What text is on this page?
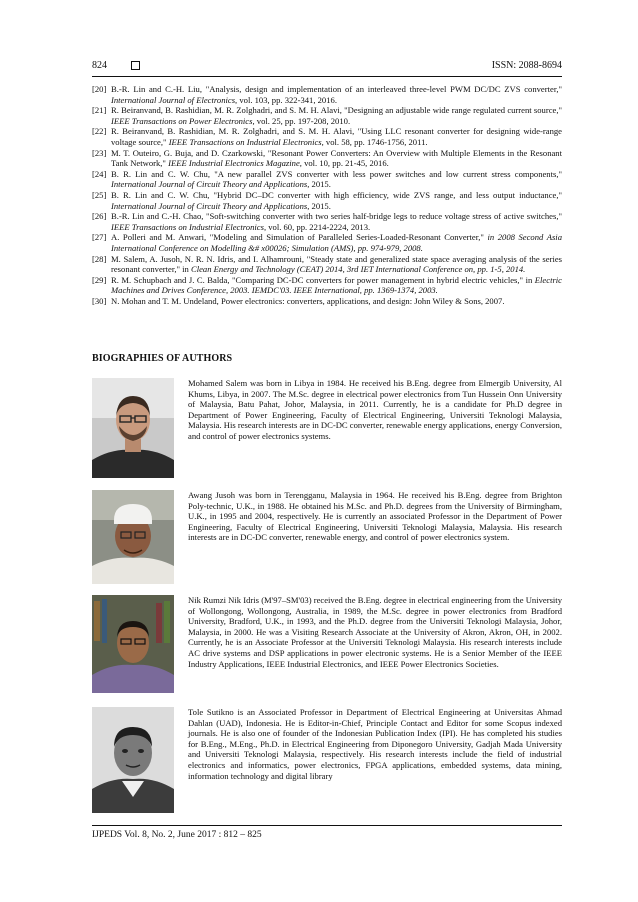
824	ISSN: 2088-8694

[20] B.-R. Lin and C.-H. Liu, "Analysis, design and implementation of an interleaved three-level PWM DC/DC ZVS converter," International Journal of Electronics, vol. 103, pp. 322-341, 2016.

[21] R. Beiranvand, B. Rashidian, M. R. Zolghadri, and S. M. H. Alavi, "Designing an adjustable wide range regulated current source," IEEE Transactions on Power Electronics, vol. 25, pp. 197-208, 2010.

[22] R. Beiranvand, B. Rashidian, M. R. Zolghadri, and S. M. H. Alavi, "Using LLC resonant converter for designing wide-range voltage source," IEEE Transactions on Industrial Electronics, vol. 58, pp. 1746-1756, 2011.

[23] M. T. Outeiro, G. Buja, and D. Czarkowski, "Resonant Power Converters: An Overview with Multiple Elements in the Resonant Tank Network," IEEE Industrial Electronics Magazine, vol. 10, pp. 21-45, 2016.

[24] B. R. Lin and C. W. Chu, "A new parallel ZVS converter with less power switches and low current stress components," International Journal of Circuit Theory and Applications, 2015.

[25] B. R. Lin and C. W. Chu, "Hybrid DC–DC converter with high efficiency, wide ZVS range, and less output inductance," International Journal of Circuit Theory and Applications, 2015.

[26] B.-R. Lin and C.-H. Chao, "Soft-switching converter with two series half-bridge legs to reduce voltage stress of active switches," IEEE Transactions on Industrial Electronics, vol. 60, pp. 2214-2224, 2013.

[27] A. Polleri and M. Anwari, "Modeling and Simulation of Paralleled Series-Loaded-Resonant Converter," in 2008 Second Asia International Conference on Modelling &# x00026; Simulation (AMS), pp. 974-979, 2008.

[28] M. Salem, A. Jusoh, N. R. N. Idris, and I. Alhamrouni, "Steady state and generalized state space averaging analysis of the series resonant converter," in Clean Energy and Technology (CEAT) 2014, 3rd IET International Conference on, pp. 1-5, 2014.

[29] R. M. Schupbach and J. C. Balda, "Comparing DC-DC converters for power management in hybrid electric vehicles," in Electric Machines and Drives Conference, 2003. IEMDC'03. IEEE International, pp. 1369-1374, 2003.

[30] N. Mohan and T. M. Undeland, Power electronics: converters, applications, and design: John Wiley & Sons, 2007.

BIOGRAPHIES OF AUTHORS
Mohamed Salem was born in Libya in 1984. He received his B.Eng. degree from Elmergib University, Al Khums, Libya, in 2007. The M.Sc. degree in electrical power electronics from Tun Hussein Onn University of Malaysia, Batu Pahat, Johor, Malaysia, in 2011. Currently, he is a candidate for Ph.D degree in Department of Power Engineering, Faculty of Electrical Engineering, Universiti Teknologi Malaysia, Malaysia. His research interests are in DC-DC converter, renewable energy applications, energy Conversion, and control of power electronics systems.
Awang Jusoh was born in Terengganu, Malaysia in 1964. He received his B.Eng. degree from Brighton Poly-technic, U.K., in 1988. He obtained his M.Sc. and Ph.D. degrees from the University of Birmingham, U.K., in 1995 and 2004, respectively. He is currently an associated Professor in the Department of Power Engineering, Faculty of Electrical Engineering, Universiti Teknologi Malaysia, Malaysia. His research interests are in DC-DC converter, renewable energy, and control of power electronics system.
Nik Rumzi Nik Idris (M'97–SM'03) received the B.Eng. degree in electrical engineering from the University of Wollongong, Wollongong, Australia, in 1989, the M.Sc. degree in power electronics from Bradford University, Bradford, U.K., in 1993, and the Ph.D. degree from the Universiti Teknologi Malaysia, Johor, Malaysia, in 2000. He was a Visiting Research Associate at the University of Akron, Akron, OH, in 2002. Currently, he is an Associate Professor at the Universiti Teknologi Malaysia. His research interests include AC drive systems and DSP applications in power electronic systems. He is a Senior Member of the IEEE Industry Applications, IEEE Industrial Electronics, and IEEE Power Electronics Societies.
Tole Sutikno is an Associated Professor in Department of Electrical Engineering at Universitas Ahmad Dahlan (UAD), Indonesia. He is Editor-in-Chief, Principle Contact and Editor for some Scopus indexed journals. He is also one of founder of the Indonesian Publication Index (IPI). He has completed his studies for B.Eng., M.Eng., Ph.D. in Electrical Engineering from Diponegoro University, Gadjah Mada University and Universiti Teknologi Malaysia, respectively. His research interests include the field of industrial electronics and informatics, power electronics, FPGA applications, embedded systems, data mining, information technology and digital library
IJPEDS Vol. 8, No. 2, June 2017 : 812 – 825
